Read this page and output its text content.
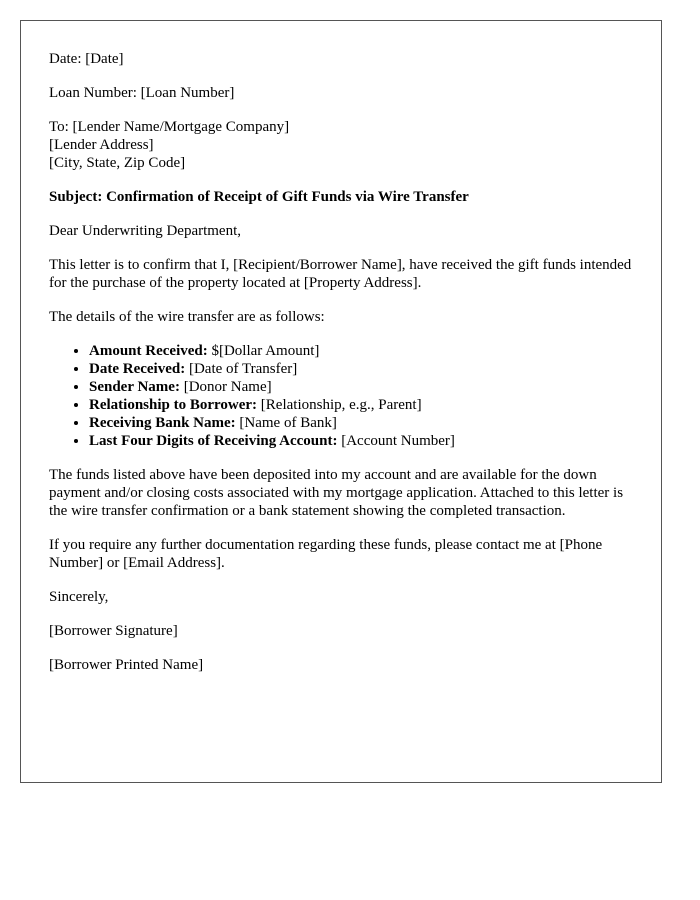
Date: [Date]

Loan Number: [Loan Number]

To: [Lender Name/Mortgage Company]
[Lender Address]
[City, State, Zip Code]

Subject: Confirmation of Receipt of Gift Funds via Wire Transfer

Dear Underwriting Department,

This letter is to confirm that I, [Recipient/Borrower Name], have received the gift funds intended for the purchase of the property located at [Property Address].

The details of the wire transfer are as follows:

• Amount Received: $[Dollar Amount]
• Date Received: [Date of Transfer]
• Sender Name: [Donor Name]
• Relationship to Borrower: [Relationship, e.g., Parent]
• Receiving Bank Name: [Name of Bank]
• Last Four Digits of Receiving Account: [Account Number]

The funds listed above have been deposited into my account and are available for the down payment and/or closing costs associated with my mortgage application. Attached to this letter is the wire transfer confirmation or a bank statement showing the completed transaction.

If you require any further documentation regarding these funds, please contact me at [Phone Number] or [Email Address].

Sincerely,

[Borrower Signature]

[Borrower Printed Name]
